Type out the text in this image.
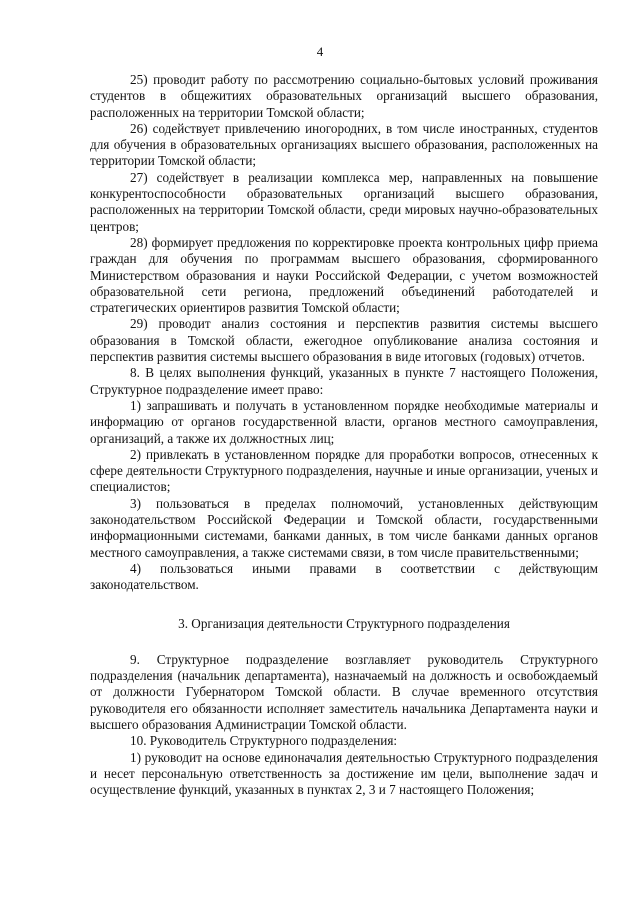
4

25) проводит работу по рассмотрению социально-бытовых условий проживания студентов в общежитиях образовательных организаций высшего образования, расположенных на территории Томской области;

26) содействует привлечению иногородних, в том числе иностранных, студентов для обучения в образовательных организациях высшего образования, расположенных на территории Томской области;

27) содействует в реализации комплекса мер, направленных на повышение конкурентоспособности образовательных организаций высшего образования, расположенных на территории Томской области, среди мировых научно-образовательных центров;

28) формирует предложения по корректировке проекта контрольных цифр приема граждан для обучения по программам высшего образования, сформированного Министерством образования и науки Российской Федерации, с учетом возможностей образовательной сети региона, предложений объединений работодателей и стратегических ориентиров развития Томской области;

29) проводит анализ состояния и перспектив развития системы высшего образования в Томской области, ежегодное опубликование анализа состояния и перспектив развития системы высшего образования в виде итоговых (годовых) отчетов.

8. В целях выполнения функций, указанных в пункте 7 настоящего Положения, Структурное подразделение имеет право:

1) запрашивать и получать в установленном порядке необходимые материалы и информацию от органов государственной власти, органов местного самоуправления, организаций, а также их должностных лиц;

2) привлекать в установленном порядке для проработки вопросов, отнесенных к сфере деятельности Структурного подразделения, научные и иные организации, ученых и специалистов;

3) пользоваться в пределах полномочий, установленных действующим законодательством Российской Федерации и Томской области, государственными информационными системами, банками данных, в том числе банками данных органов местного самоуправления, а также системами связи, в том числе правительственными;

4) пользоваться иными правами в соответствии с действующим законодательством.

3. Организация деятельности Структурного подразделения

9. Структурное подразделение возглавляет руководитель Структурного подразделения (начальник департамента), назначаемый на должность и освобождаемый от должности Губернатором Томской области. В случае временного отсутствия руководителя его обязанности исполняет заместитель начальника Департамента науки и высшего образования Администрации Томской области.

10. Руководитель Структурного подразделения:

1) руководит на основе единоначалия деятельностью Структурного подразделения и несет персональную ответственность за достижение им цели, выполнение задач и осуществление функций, указанных в пунктах 2, 3 и 7 настоящего Положения;
